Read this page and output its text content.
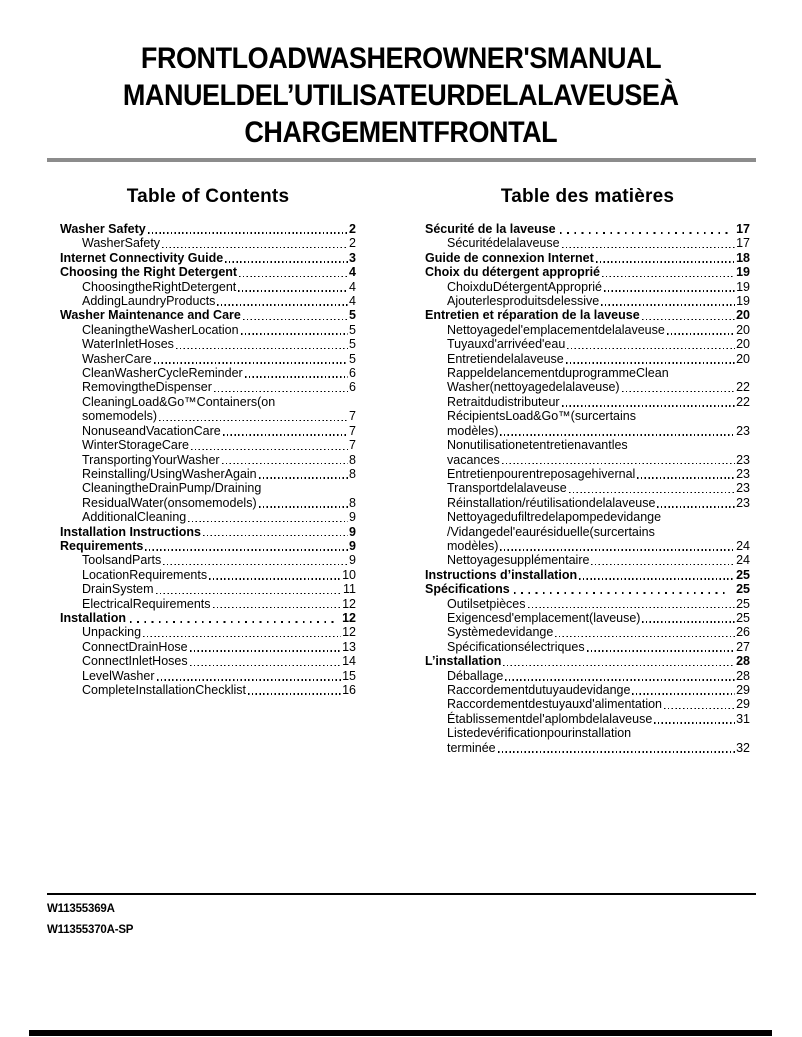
FRONTLOADWASHEROWNER'SMANUAL
MANUELDEL’UTILISATEURDELALAVEUSEÀ
CHARGEMENTFRONTAL
Table of Contents
Washer Safety	2
WasherSafety	2
Internet Connectivity Guide	3
Choosing the Right Detergent	4
ChoosingtheRightDetergent	4
AddingLaundryProducts	4
Washer Maintenance and Care	5
CleaningtheWasherLocation	5
WaterInletHoses	5
WasherCare	5
CleanWasherCycleReminder	6
RemovingtheDispenser	6
CleaningLoad&Go™Containers(on
somemodels)	7
NonuseandVacationCare	7
WinterStorageCare	7
TransportingYourWasher	8
Reinstalling/UsingWasherAgain	8
CleaningtheDrainPump/Draining
ResidualWater(onsomemodels)	8
AdditionalCleaning	9
Installation Instructions	9
Requirements	9
ToolsandParts	9
LocationRequirements	10
DrainSystem	11
ElectricalRequirements	12
Installation	12
Unpacking	12
ConnectDrainHose	13
ConnectInletHoses	14
LevelWasher	15
CompleteInstallationChecklist	16
Table des matières
Sécurité de la laveuse	17
Sécuritédelalaveuse	17
Guide de connexion Internet	18
Choix du détergent approprié	19
ChoixduDétergentApproprié	19
Ajouterlesproduitsdelessive	19
Entretien et réparation de la laveuse	20
Nettoyagedel'emplacementdelalaveuse	20
Tuyauxd'arrivéed'eau	20
Entretiendelalaveuse	20
RappeldelancementduprogrammeClean
Washer(nettoyagedelalaveuse)	22
Retraitdudistributeur	22
RécipientsLoad&Go™(surcertains
modèles)	23
Nonutilisationetentretienavantles
vacances	23
Entretienpourentreposagehivernal	23
Transportdelalaveuse	23
Réinstallation/réutilisationdelalaveuse	23
Nettoyagedufiltredelapompedevidange
/Vidangedel'eaurésiduelle(surcertains
modèles)	24
Nettoyagesupplémentaire	24
Instructions d’installation	25
Spécifications	25
Outilsetpièces	25
Exigencesd'emplacement(laveuse)	25
Systèmedevidange	26
Spécificationsélectriques	27
L’installation	28
Déballage	28
Raccordementdutuyaudevidange	29
Raccordementdestuyauxd'alimentation	29
Établissementdel'aplombdelalaveuse	31
Listedevérificationpourinstallation
terminée	32
W11355369A
W11355370A-SP
